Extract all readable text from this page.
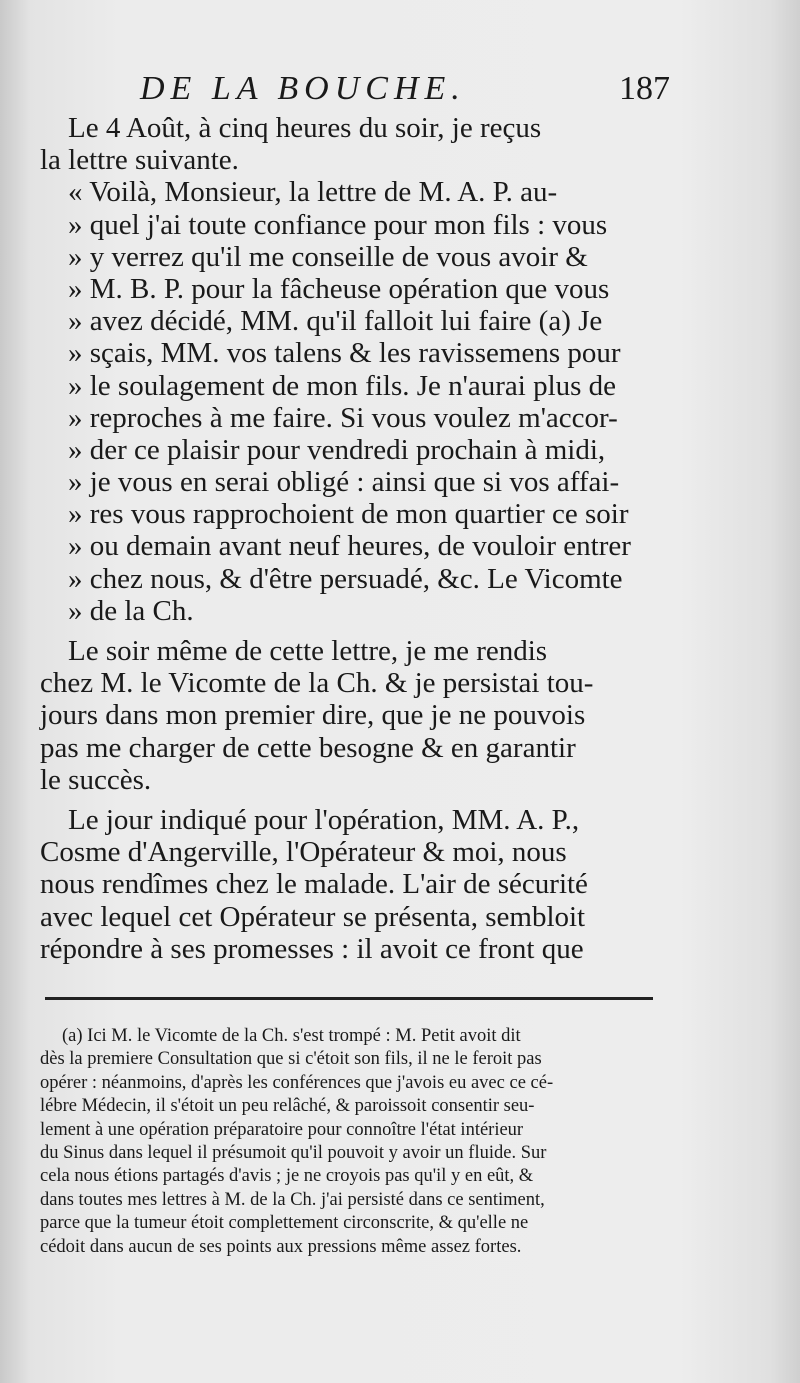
DE LA BOUCHE.	187
Le 4 Août, à cinq heures du soir, je reçus
la lettre suivante.
« Voilà, Monsieur, la lettre de M. A. P. au-
» quel j'ai toute confiance pour mon fils : vous
» y verrez qu'il me conseille de vous avoir &
» M. B. P. pour la fâcheuse opération que vous
» avez décidé, MM. qu'il falloit lui faire (a) Je
» sçais, MM. vos talens & les ravissemens pour
» le soulagement de mon fils. Je n'aurai plus de
» reproches à me faire. Si vous voulez m'accor-
» der ce plaisir pour vendredi prochain à midi,
» je vous en serai obligé : ainsi que si vos affai-
» res vous rapprochoient de mon quartier ce soir
» ou demain avant neuf heures, de vouloir entrer
» chez nous, & d'être persuadé, &c. Le Vicomte
» de la Ch.
Le soir même de cette lettre, je me rendis
chez M. le Vicomte de la Ch. & je persistai tou-
jours dans mon premier dire, que je ne pouvois
pas me charger de cette besogne & en garantir
le succès.
Le jour indiqué pour l'opération, MM. A. P.,
Cosme d'Angerville, l'Opérateur & moi, nous
nous rendîmes chez le malade. L'air de sécurité
avec lequel cet Opérateur se présenta, sembloit
répondre à ses promesses : il avoit ce front que
(a) Ici M. le Vicomte de la Ch. s'est trompé : M. Petit avoit dit
dès la premiere Consultation que si c'étoit son fils, il ne le feroit pas
opérer : néanmoins, d'après les conférences que j'avois eu avec ce cé-
lébre Médecin, il s'étoit un peu relâché, & paroissoit consentir seu-
lement à une opération préparatoire pour connoître l'état intérieur
du Sinus dans lequel il présumoit qu'il pouvoit y avoir un fluide. Sur
cela nous étions partagés d'avis ; je ne croyois pas qu'il y en eût, &
dans toutes mes lettres à M. de la Ch. j'ai persisté dans ce sentiment,
parce que la tumeur étoit complettement circonscrite, & qu'elle ne
cédoit dans aucun de ses points aux pressions même assez fortes.
